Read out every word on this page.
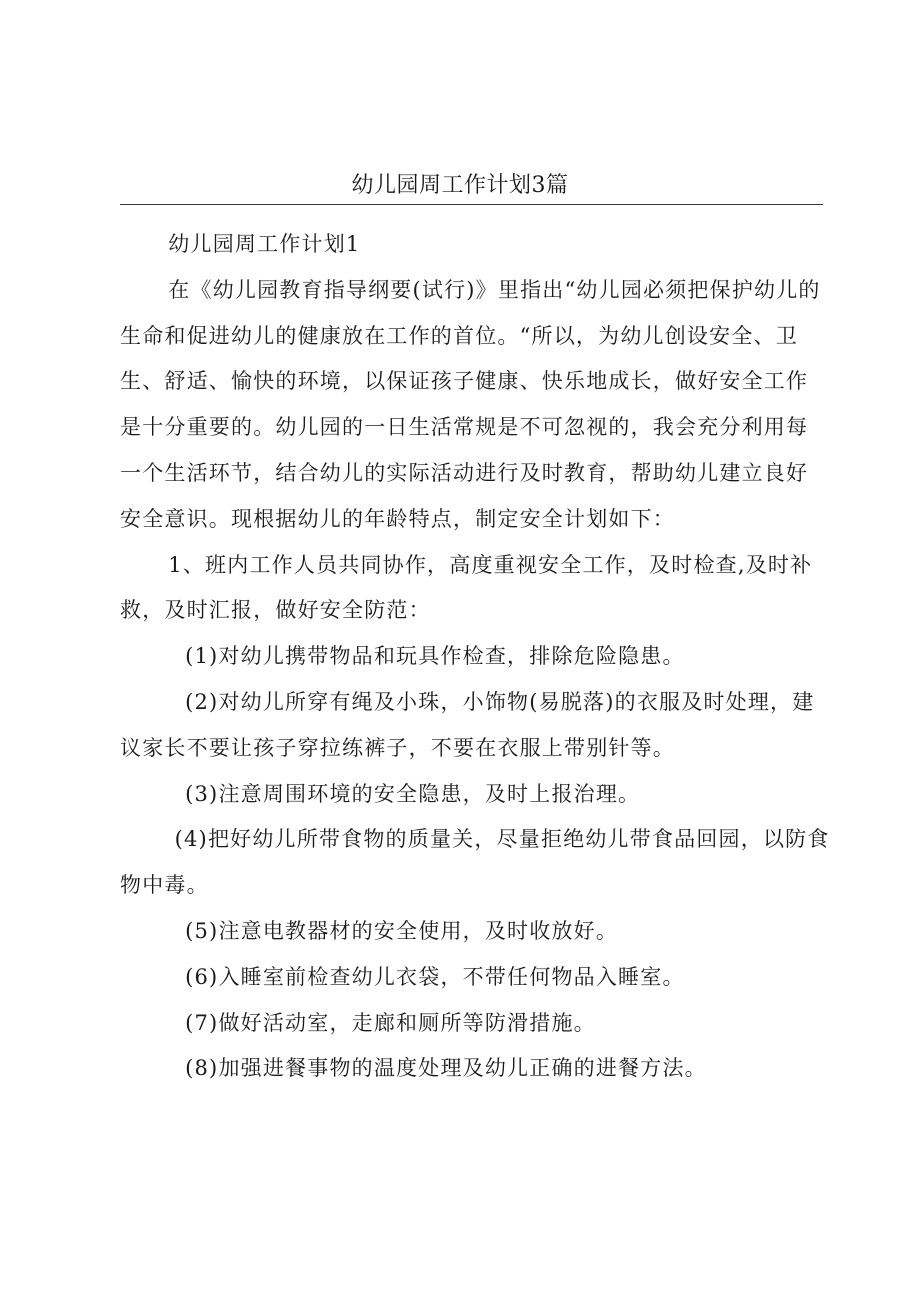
幼儿园周工作计划3篇

幼儿园周工作计划1

在《幼儿园教育指导纲要(试行)》里指出“幼儿园必须把保护幼儿的生命和促进幼儿的健康放在工作的首位。“所以，为幼儿创设安全、卫生、舒适、愉快的环境，以保证孩子健康、快乐地成长，做好安全工作是十分重要的。幼儿园的一日生活常规是不可忽视的，我会充分利用每一个生活环节，结合幼儿的实际活动进行及时教育，帮助幼儿建立良好安全意识。现根据幼儿的年龄特点，制定安全计划如下：

1、班内工作人员共同协作，高度重视安全工作，及时检查,及时补救，及时汇报，做好安全防范：

(1)对幼儿携带物品和玩具作检查，排除危险隐患。

(2)对幼儿所穿有绳及小珠，小饰物(易脱落)的衣服及时处理，建议家长不要让孩子穿拉练裤子，不要在衣服上带别针等。

(3)注意周围环境的安全隐患，及时上报治理。

(4)把好幼儿所带食物的质量关，尽量拒绝幼儿带食品回园，以防食物中毒。

(5)注意电教器材的安全使用，及时收放好。

(6)入睡室前检查幼儿衣袋，不带任何物品入睡室。

(7)做好活动室，走廊和厕所等防滑措施。

(8)加强进餐事物的温度处理及幼儿正确的进餐方法。
